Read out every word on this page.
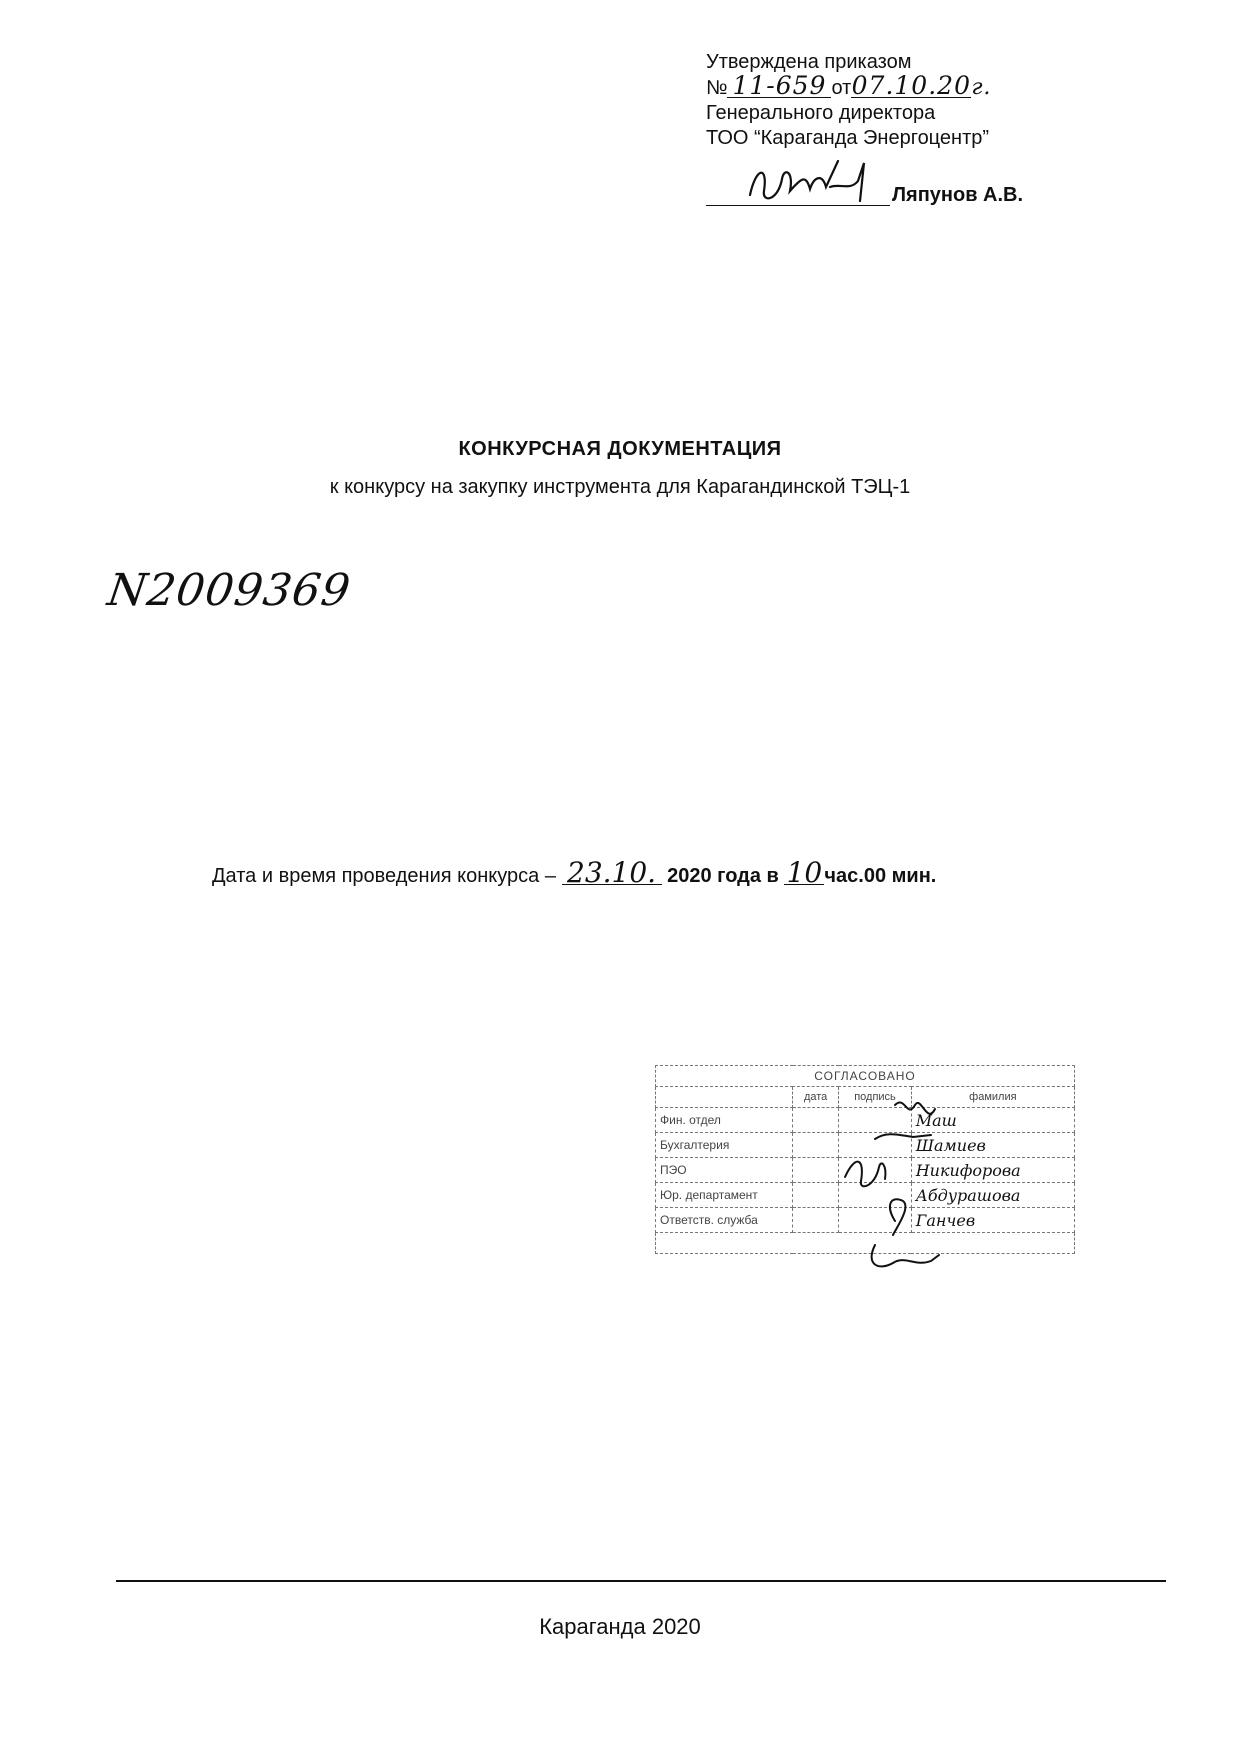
Утверждена приказом
№ 11-659 от07.10.20г.
Генерального директора
ТОО “Караганда Энергоцентр”
Ляпунов А.В.
КОНКУРСНАЯ ДОКУМЕНТАЦИЯ
к конкурсу на закупку инструмента для Карагандинской ТЭЦ-1
N2009369
Дата и время проведения конкурса – 23.10. 2020 года в 10 час.00 мин.
СОГЛАСОВАНО			
	дата	подпись	фамилия
Фин. отдел			Маш
Бухгалтерия			Шамиев
ПЭО			Никифорова
Юр. департамент			Абдурашова
Ответств. служба			Ганчев

Караганда 2020
